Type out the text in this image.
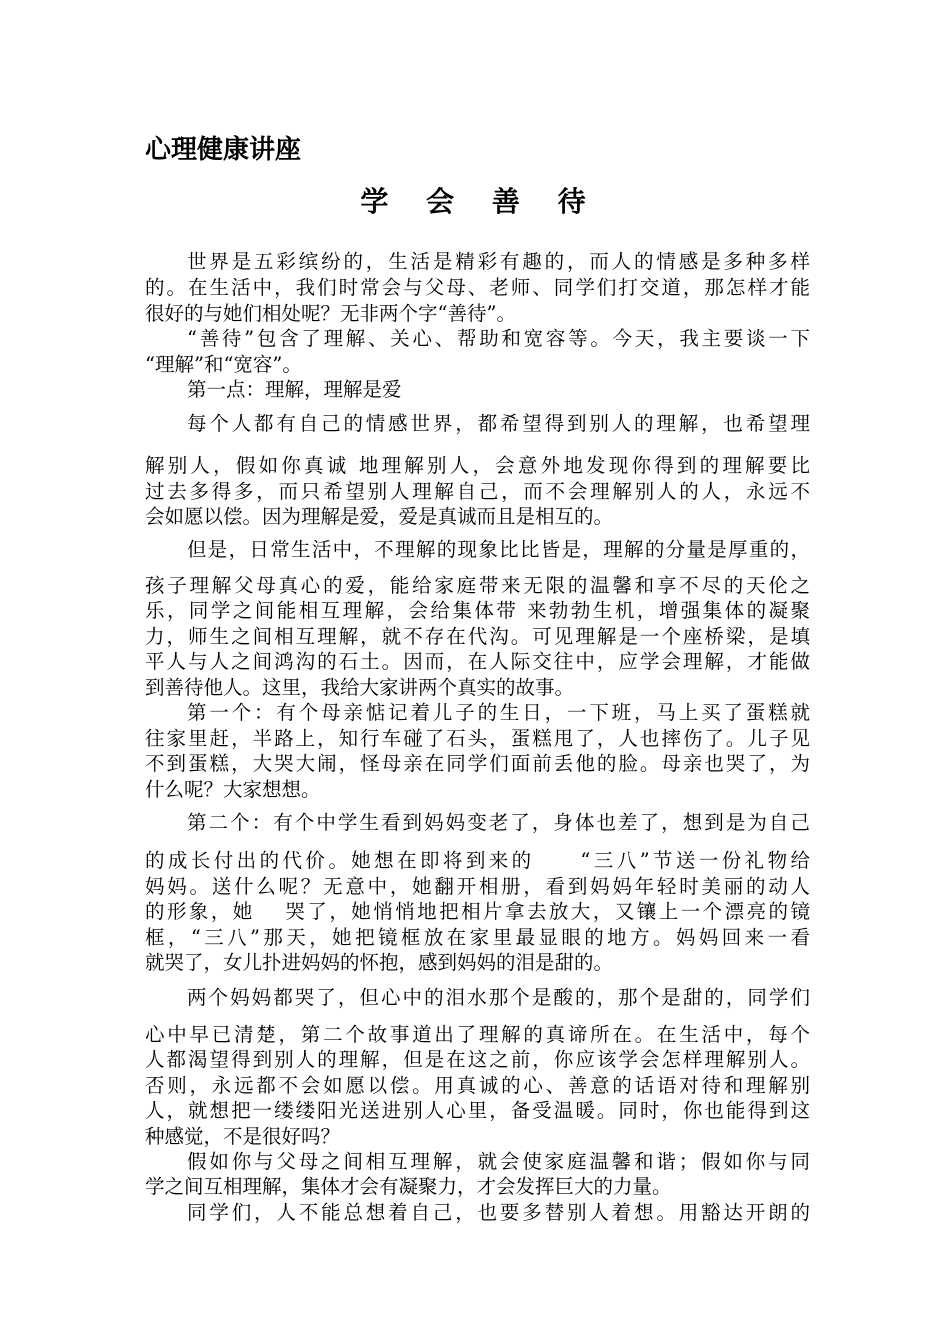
心理健康讲座
学 会 善 待
世界是五彩缤纷的，生活是精彩有趣的，而人的情感是多种多样
的。在生活中，我们时常会与父母、老师、同学们打交道，那怎样才能
很好的与她们相处呢？无非两个字“善待”。
“善待”包含了理解、关心、帮助和宽容等。今天，我主要谈一下
“理解”和“宽容”。
第一点：理解，理解是爱
每个人都有自己的情感世界，都希望得到别人的理解，也希望理
解别人，假如你真诚 地理解别人，会意外地发现你得到的理解要比
过去多得多，而只希望别人理解自己，而不会理解别人的人，永远不
会如愿以偿。因为理解是爱，爱是真诚而且是相互的。
但是，日常生活中，不理解的现象比比皆是，理解的分量是厚重的，
孩子理解父母真心的爱，能给家庭带来无限的温馨和享不尽的天伦之
乐，同学之间能相互理解，会给集体带 来勃勃生机，增强集体的凝聚
力，师生之间相互理解，就不存在代沟。可见理解是一个座桥梁，是填
平人与人之间鸿沟的石土。因而，在人际交往中，应学会理解，才能做
到善待他人。这里，我给大家讲两个真实的故事。
第一个：有个母亲惦记着儿子的生日，一下班，马上买了蛋糕就
往家里赶，半路上，知行车碰了石头，蛋糕甩了，人也摔伤了。儿子见
不到蛋糕，大哭大闹，怪母亲在同学们面前丢他的脸。母亲也哭了，为
什么呢？大家想想。
第二个：有个中学生看到妈妈变老了，身体也差了，想到是为自己
的成长付出的代价。她想在即将到来的　　“三八”节送一份礼物给
妈妈。送什么呢？无意中，她翻开相册，看到妈妈年轻时美丽的动人
的形象，她　 哭了，她悄悄地把相片拿去放大，又镶上一个漂亮的镜
框，“三八”那天，她把镜框放在家里最显眼的地方。妈妈回来一看
就哭了，女儿扑进妈妈的怀抱，感到妈妈的泪是甜的。
两个妈妈都哭了，但心中的泪水那个是酸的，那个是甜的，同学们
心中早已清楚，第二个故事道出了理解的真谛所在。在生活中，每个
人都渴望得到别人的理解，但是在这之前，你应该学会怎样理解别人。
否则，永远都不会如愿以偿。用真诚的心、善意的话语对待和理解别
人，就想把一缕缕阳光送进别人心里，备受温暖。同时，你也能得到这
种感觉，不是很好吗？
假如你与父母之间相互理解，就会使家庭温馨和谐；假如你与同
学之间互相理解，集体才会有凝聚力，才会发挥巨大的力量。
同学们，人不能总想着自己，也要多替别人着想。用豁达开朗的
